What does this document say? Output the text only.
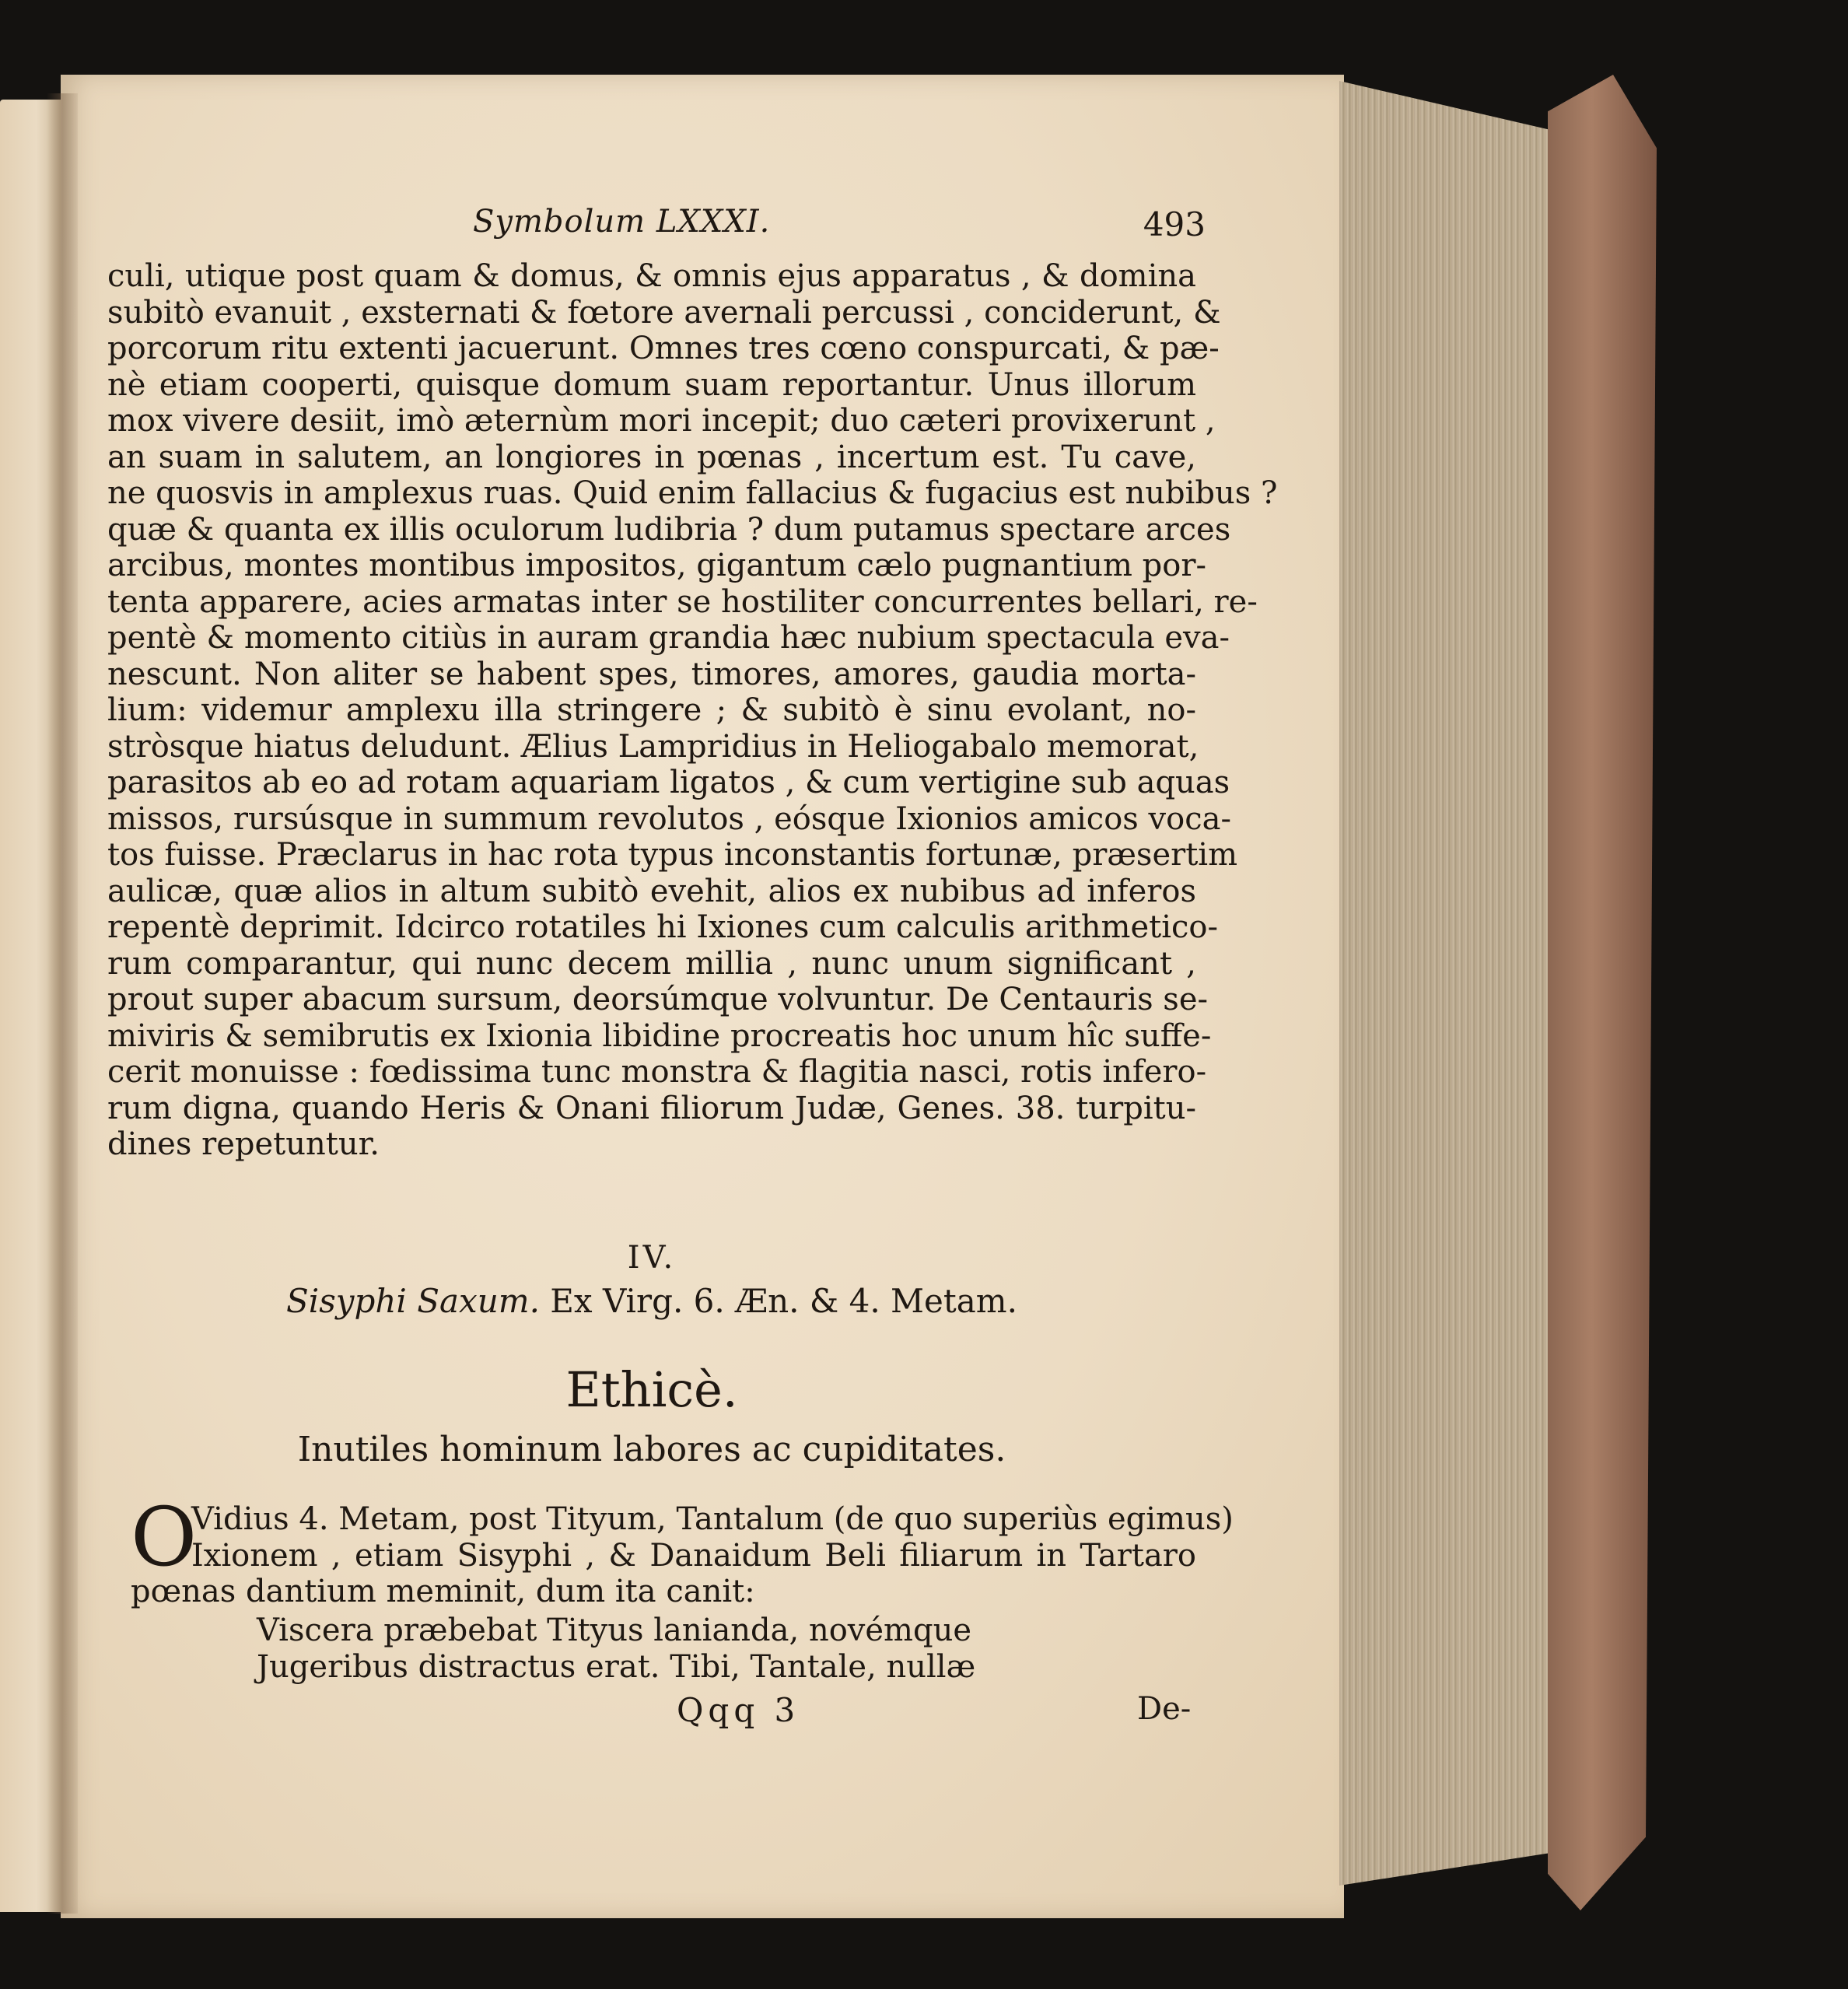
Symbolum LXXXI.	493
culi, utique post quam & domus, & omnis ejus apparatus , & domina
subitò evanuit , exsternati & fœtore avernali percussi , conciderunt, &
porcorum ritu extenti jacuerunt. Omnes tres cœno conspurcati, & pæ-
nè etiam cooperti, quisque domum suam reportantur. Unus illorum
mox vivere desiit, imò æternùm mori incepit; duo cæteri provixerunt ,
an suam in salutem, an longiores in pœnas , incertum est. Tu cave,
ne quosvis in amplexus ruas. Quid enim fallacius & fugacius est nubibus ?
quæ & quanta ex illis oculorum ludibria ? dum putamus spectare arces
arcibus, montes montibus impositos, gigantum cælo pugnantium por-
tenta apparere, acies armatas inter se hostiliter concurrentes bellari, re-
pentè & momento citiùs in auram grandia hæc nubium spectacula eva-
nescunt. Non aliter se habent spes, timores, amores, gaudia morta-
lium: videmur amplexu illa stringere ; & subitò è sinu evolant, no-
stròsque hiatus deludunt. Ælius Lampridius in Heliogabalo memorat,
parasitos ab eo ad rotam aquariam ligatos , & cum vertigine sub aquas
missos, rursúsque in summum revolutos , eósque Ixionios amicos voca-
tos fuisse. Præclarus in hac rota typus inconstantis fortunæ, præsertim
aulicæ, quæ alios in altum subitò evehit, alios ex nubibus ad inferos
repentè deprimit. Idcirco rotatiles hi Ixiones cum calculis arithmetico-
rum comparantur, qui nunc decem millia , nunc unum significant ,
prout super abacum sursum, deorsúmque volvuntur. De Centauris se-
miviris & semibrutis ex Ixionia libidine procreatis hoc unum hîc suffe-
cerit monuisse : fœdissima tunc monstra & flagitia nasci, rotis infero-
rum digna, quando Heris & Onani filiorum Judæ, Genes. 38. turpitu-
dines repetuntur.
IV.
Sisyphi Saxum. Ex Virg. 6. Æn. & 4. Metam.
Ethicè.
Inutiles hominum labores ac cupiditates.
O
Vidius 4. Metam, post Tityum, Tantalum (de quo superiùs egimus)
Ixionem , etiam Sisyphi , & Danaidum Beli filiarum in Tartaro
pœnas dantium meminit, dum ita canit:
Viscera præbebat Tityus lanianda, novémque
Jugeribus distractus erat. Tibi, Tantale, nullæ
Qqq 3	De-
